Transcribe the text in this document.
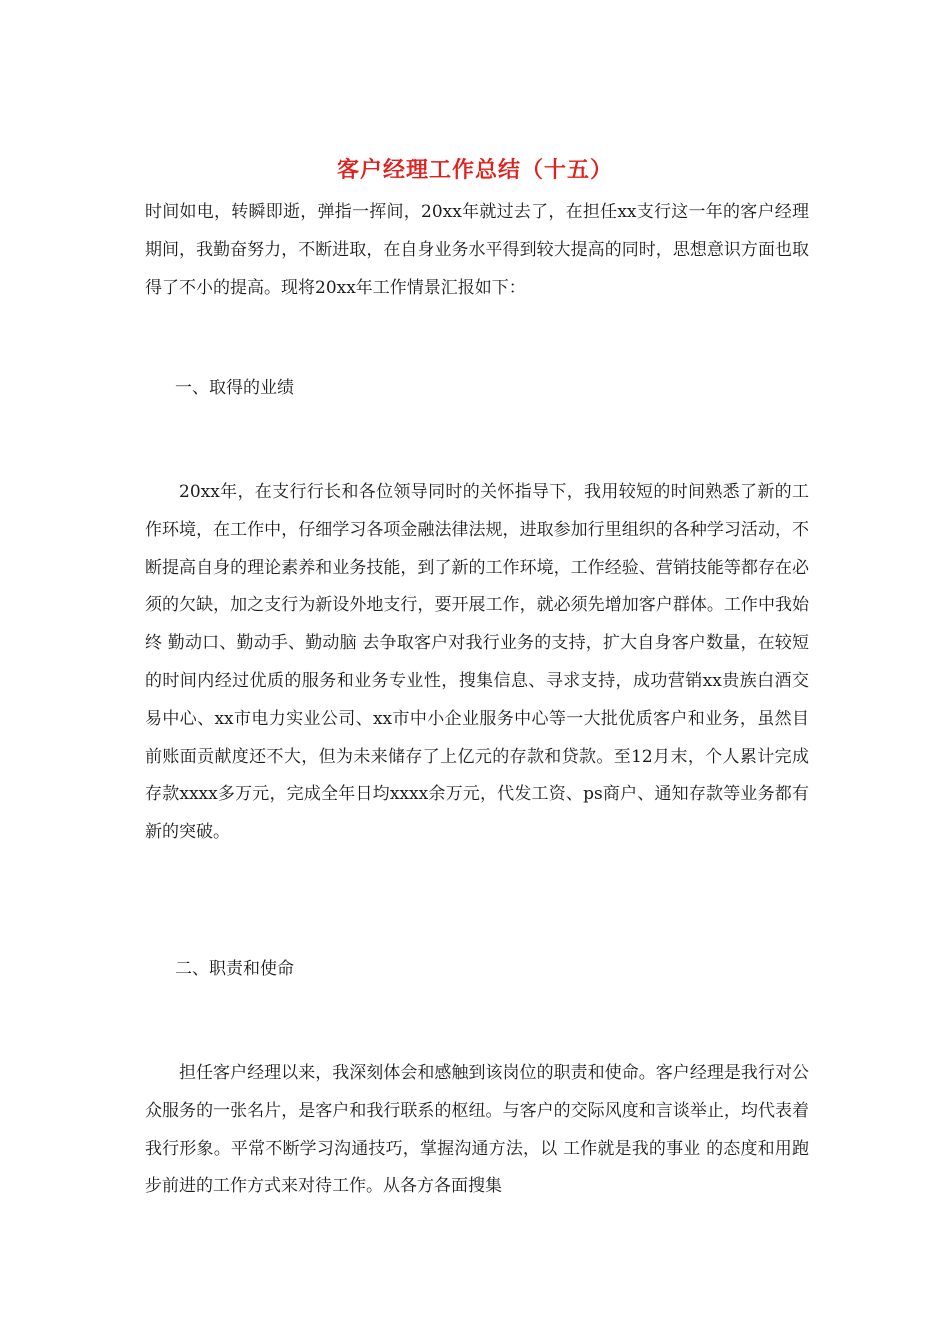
客户经理工作总结（十五）

时间如电，转瞬即逝，弹指一挥间，20xx年就过去了，在担任xx支行这一年的客户经理期间，我勤奋努力，不断进取，在自身业务水平得到较大提高的同时，思想意识方面也取得了不小的提高。现将20xx年工作情景汇报如下：

一、取得的业绩

20xx年，在支行行长和各位领导同时的关怀指导下，我用较短的时间熟悉了新的工作环境，在工作中，仔细学习各项金融法律法规，进取参加行里组织的各种学习活动，不断提高自身的理论素养和业务技能，到了新的工作环境，工作经验、营销技能等都存在必须的欠缺，加之支行为新设外地支行，要开展工作，就必须先增加客户群体。工作中我始终 勤动口、勤动手、勤动脑 去争取客户对我行业务的支持，扩大自身客户数量，在较短的时间内经过优质的服务和业务专业性，搜集信息、寻求支持，成功营销xx贵族白酒交易中心、xx市电力实业公司、xx市中小企业服务中心等一大批优质客户和业务，虽然目前账面贡献度还不大，但为未来储存了上亿元的存款和贷款。至12月末，个人累计完成存款xxxx多万元，完成全年日均xxxx余万元，代发工资、ps商户、通知存款等业务都有新的突破。

二、职责和使命

担任客户经理以来，我深刻体会和感触到该岗位的职责和使命。客户经理是我行对公众服务的一张名片，是客户和我行联系的枢纽。与客户的交际风度和言谈举止，均代表着我行形象。平常不断学习沟通技巧，掌握沟通方法，以 工作就是我的事业 的态度和用跑步前进的工作方式来对待工作。从各方各面搜集
